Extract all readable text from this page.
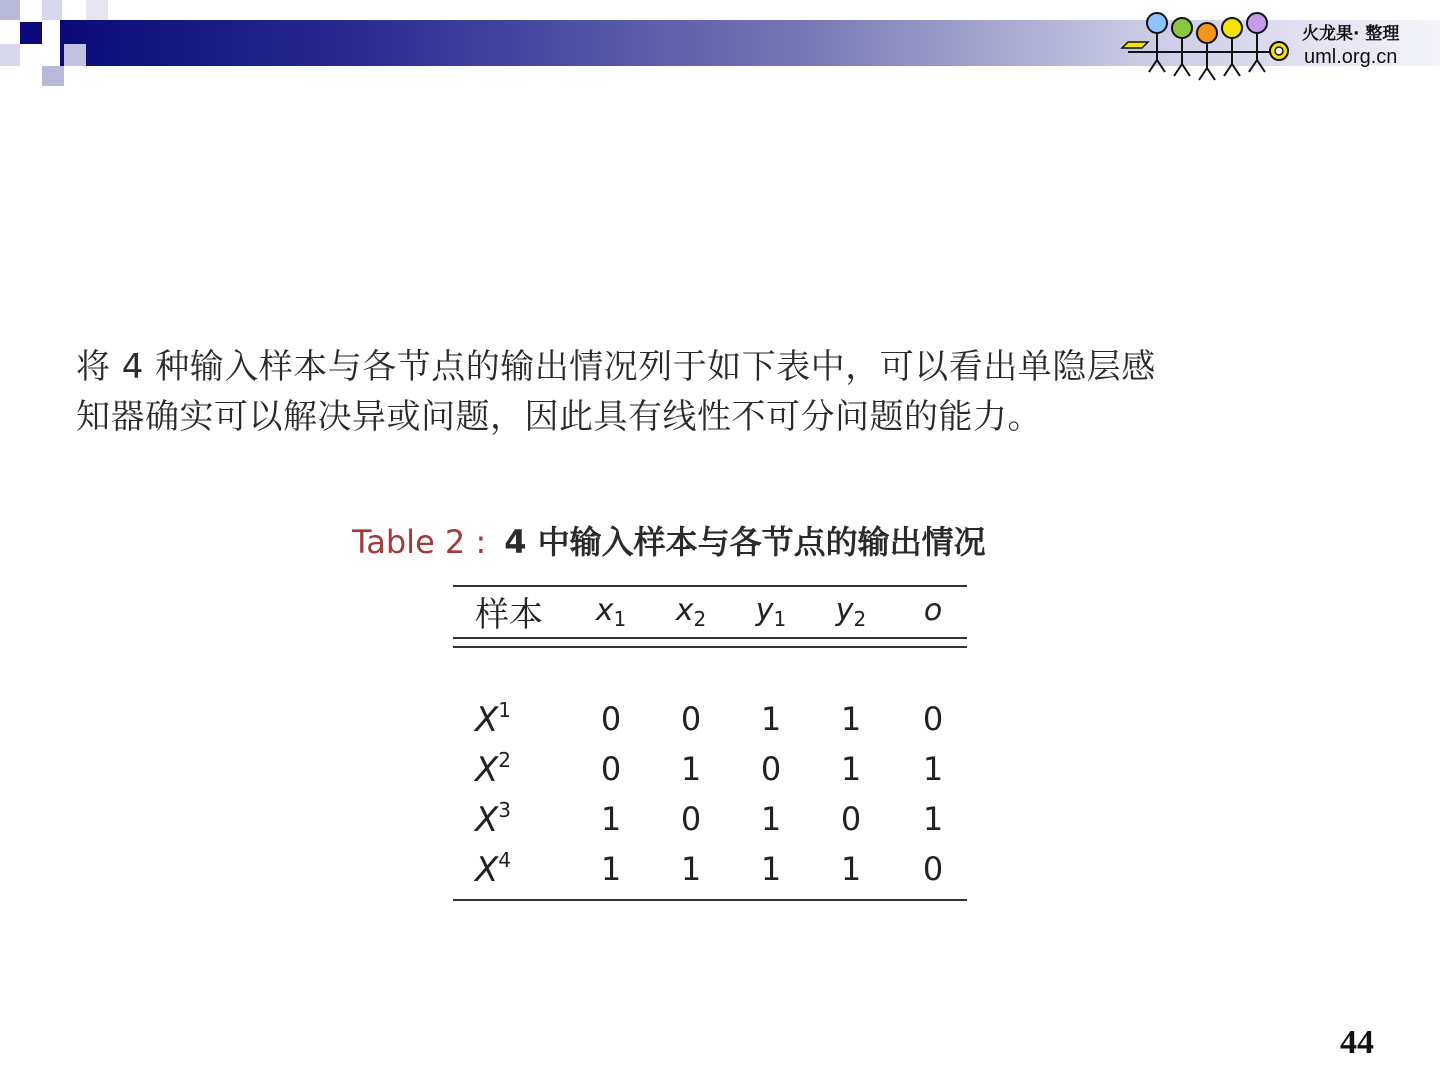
火龙果· 整理
uml.org.cn
将 4 种输入样本与各节点的输出情况列于如下表中，可以看出单隐层感
知器确实可以解决异或问题，因此具有线性不可分问题的能力。
Table 2 : 4 中输入样本与各节点的输出情况
样本	$x_1$	$x_2$	$y_1$	$y_2$	o
$X^1$	0	0	1	1	0
$X^2$	0	1	0	1	1
$X^3$	1	0	1	0	1
$X^4$	1	1	1	1	0
44
